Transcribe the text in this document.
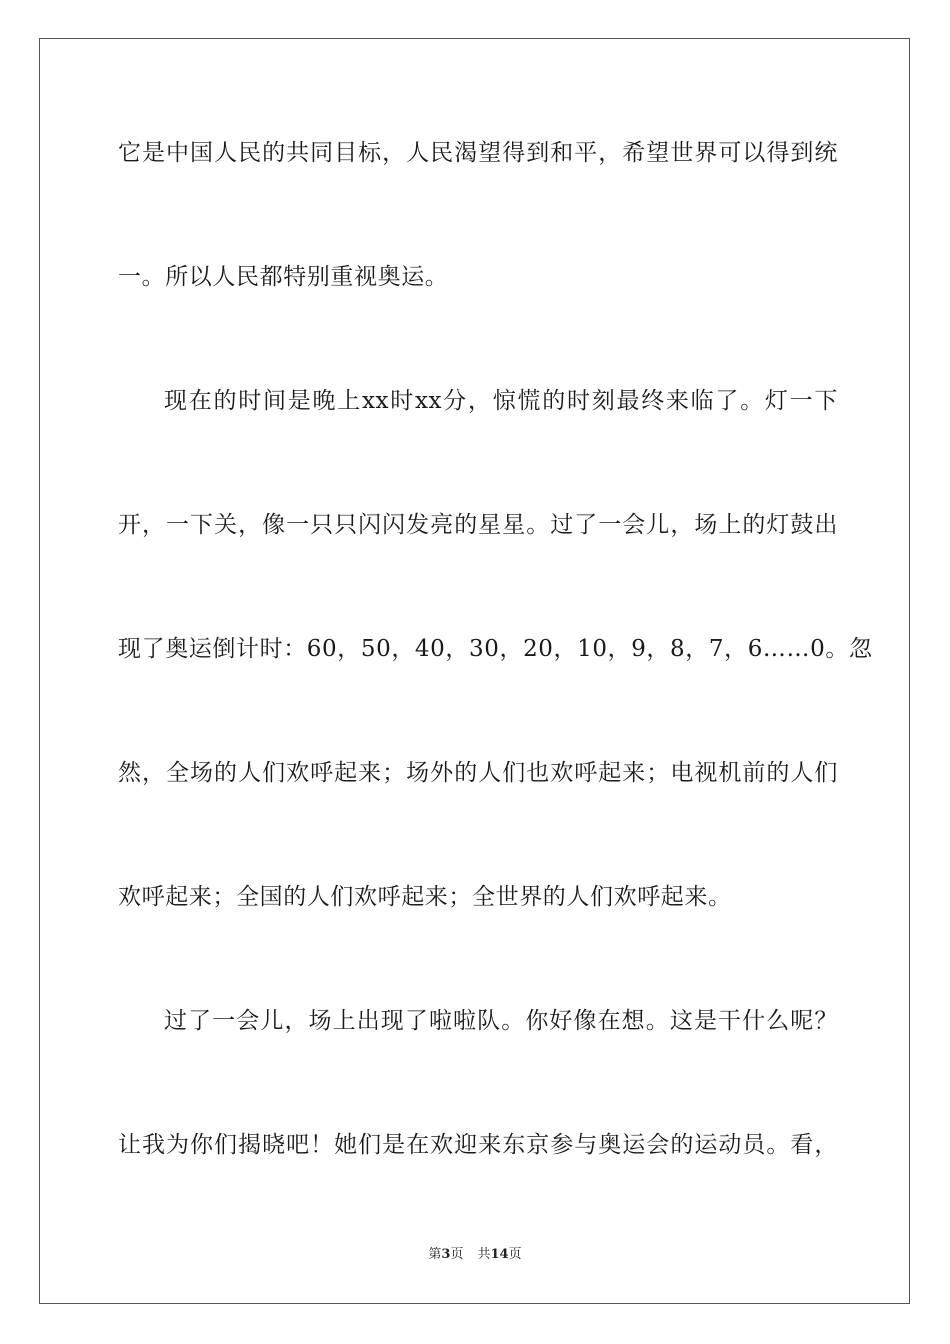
它是中国人民的共同目标，人民渴望得到和平，希望世界可以得到统
一。所以人民都特别重视奥运。
现在的时间是晚上xx时xx分，惊慌的时刻最终来临了。灯一下
开，一下关，像一只只闪闪发亮的星星。过了一会儿，场上的灯鼓出
现了奥运倒计时：60，50，40，30，20，10，9，8，7，6……0。忽
然，全场的人们欢呼起来；场外的人们也欢呼起来；电视机前的人们
欢呼起来；全国的人们欢呼起来；全世界的人们欢呼起来。
过了一会儿，场上出现了啦啦队。你好像在想。这是干什么呢？
让我为你们揭晓吧！她们是在欢迎来东京参与奥运会的运动员。看，
第3页 共14页
